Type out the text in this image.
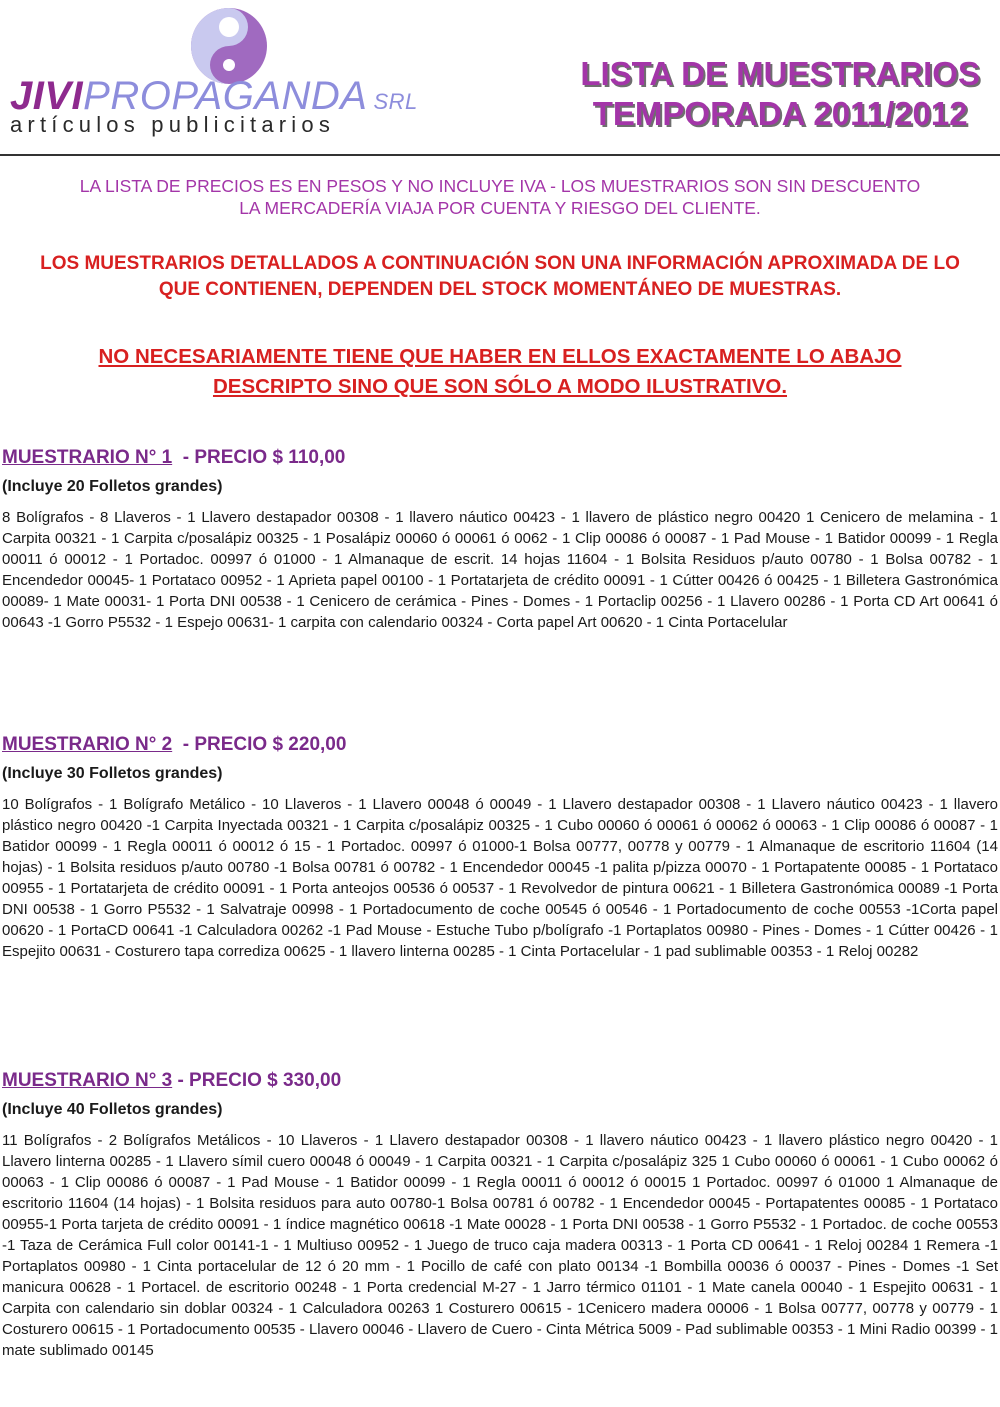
JIVIPROPAGANDA SRL
artículos publicitarios
LISTA DE MUESTRARIOS
TEMPORADA 2011/2012
LA LISTA DE PRECIOS ES EN PESOS Y NO INCLUYE IVA - LOS MUESTRARIOS SON SIN DESCUENTO
LA MERCADERÍA VIAJA POR CUENTA Y RIESGO DEL CLIENTE.
LOS MUESTRARIOS DETALLADOS A CONTINUACIÓN SON UNA INFORMACIÓN APROXIMADA DE LO QUE CONTIENEN, DEPENDEN DEL STOCK MOMENTÁNEO DE MUESTRAS.
NO NECESARIAMENTE TIENE QUE HABER EN ELLOS EXACTAMENTE LO ABAJO
DESCRIPTO SINO QUE SON SÓLO A MODO ILUSTRATIVO.
MUESTRARIO N° 1 - PRECIO $ 110,00
(Incluye 20 Folletos grandes)
8 Bolígrafos - 8 Llaveros - 1 Llavero destapador 00308 - 1 llavero náutico 00423 - 1 llavero de plástico negro 00420 1 Cenicero de melamina - 1 Carpita 00321 - 1 Carpita c/posalápiz 00325 - 1 Posalápiz 00060 ó 00061 ó 0062 - 1 Clip 00086 ó 00087 - 1 Pad Mouse - 1 Batidor 00099 - 1 Regla 00011 ó 00012 - 1 Portadoc. 00997 ó 01000 - 1 Almanaque de escrit. 14 hojas 11604 - 1 Bolsita Residuos p/auto 00780 - 1 Bolsa 00782 - 1 Encendedor 00045- 1 Portataco 00952 - 1 Aprieta papel 00100 - 1 Portatarjeta de crédito 00091 - 1 Cútter 00426 ó 00425 - 1 Billetera Gastronómica 00089- 1 Mate 00031- 1 Porta DNI 00538 - 1 Cenicero de cerámica - Pines - Domes - 1 Portaclip 00256 - 1 Llavero 00286 - 1 Porta CD Art 00641 ó 00643 -1 Gorro P5532 - 1 Espejo 00631- 1 carpita con calendario 00324 - Corta papel Art 00620 - 1 Cinta Portacelular
MUESTRARIO N° 2 - PRECIO $ 220,00
(Incluye 30 Folletos grandes)
10 Bolígrafos - 1 Bolígrafo Metálico - 10 Llaveros - 1 Llavero 00048 ó 00049 - 1 Llavero destapador 00308 - 1 Llavero náutico 00423 - 1 llavero plástico negro 00420 -1 Carpita Inyectada 00321 - 1 Carpita c/posalápiz 00325 - 1 Cubo 00060 ó 00061 ó 00062 ó 00063 - 1 Clip 00086 ó 00087 - 1 Batidor 00099 - 1 Regla 00011 ó 00012 ó 15 - 1 Portadoc. 00997 ó 01000-1 Bolsa 00777, 00778 y 00779 - 1 Almanaque de escritorio 11604 (14 hojas) - 1 Bolsita residuos p/auto 00780 -1 Bolsa 00781 ó 00782 - 1 Encendedor 00045 -1 palita p/pizza 00070 - 1 Portapatente 00085 - 1 Portataco 00955 - 1 Portatarjeta de crédito 00091 - 1 Porta anteojos 00536 ó 00537 - 1 Revolvedor de pintura 00621 - 1 Billetera Gastronómica 00089 -1 Porta DNI 00538 - 1 Gorro P5532 - 1 Salvatraje 00998 - 1 Portadocumento de coche 00545 ó 00546 - 1 Portadocumento de coche 00553 -1Corta papel 00620 - 1 PortaCD 00641 -1 Calculadora 00262 -1 Pad Mouse - Estuche Tubo p/bolígrafo -1 Portaplatos 00980 - Pines - Domes - 1 Cútter 00426 - 1 Espejito 00631 - Costurero tapa corrediza 00625 - 1 llavero linterna 00285 - 1 Cinta Portacelular - 1 pad sublimable 00353 - 1 Reloj 00282
MUESTRARIO N° 3 - PRECIO $ 330,00
(Incluye 40 Folletos grandes)
11 Bolígrafos - 2 Bolígrafos Metálicos - 10 Llaveros - 1 Llavero destapador 00308 - 1 llavero náutico 00423 - 1 llavero plástico negro 00420 - 1 Llavero linterna 00285 - 1 Llavero símil cuero 00048 ó 00049 - 1 Carpita 00321 - 1 Carpita c/posalápiz 325 1 Cubo 00060 ó 00061 - 1 Cubo 00062 ó 00063 - 1 Clip 00086 ó 00087 - 1 Pad Mouse - 1 Batidor 00099 - 1 Regla 00011 ó 00012 ó 00015 1 Portadoc. 00997 ó 01000 1 Almanaque de escritorio 11604 (14 hojas) - 1 Bolsita residuos para auto 00780-1 Bolsa 00781 ó 00782 - 1 Encendedor 00045 - Portapatentes 00085 - 1 Portataco 00955-1 Porta tarjeta de crédito 00091 - 1 índice magnético 00618 -1 Mate 00028 - 1 Porta DNI 00538 - 1 Gorro P5532 - 1 Portadoc. de coche 00553 -1 Taza de Cerámica Full color 00141-1 - 1 Multiuso 00952 - 1 Juego de truco caja madera 00313 - 1 Porta CD 00641 - 1 Reloj 00284 1 Remera -1 Portaplatos 00980 - 1 Cinta portacelular de 12 ó 20 mm - 1 Pocillo de café con plato 00134 -1 Bombilla 00036 ó 00037 - Pines - Domes -1 Set manicura 00628 - 1 Portacel. de escritorio 00248 - 1 Porta credencial M-27 - 1 Jarro térmico 01101 - 1 Mate canela 00040 - 1 Espejito 00631 - 1 Carpita con calendario sin doblar 00324 - 1 Calculadora 00263 1 Costurero 00615 - 1Cenicero madera 00006 - 1 Bolsa 00777, 00778 y 00779 - 1 Costurero 00615 - 1 Portadocumento 00535 - Llavero 00046 - Llavero de Cuero - Cinta Métrica 5009 - Pad sublimable 00353 - 1 Mini Radio 00399 - 1 mate sublimado 00145
